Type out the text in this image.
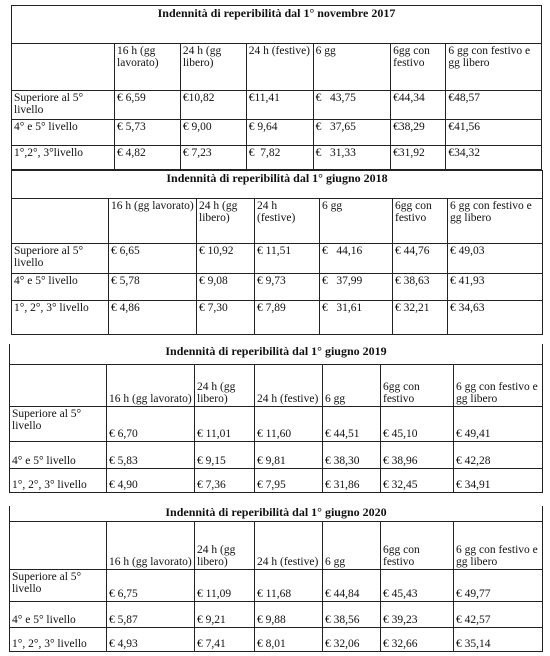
Indennità di reperibilità dal 1° novembre 2017						
	16 h (gg lavorato)	24 h (gg libero)	24 h (festive)	6 gg	6gg con festivo	6 gg con festivo e gg libero
Superiore al 5° livello	€ 6,59	€10,82	€11,41	€   43,75	€44,34	€48,57
4° e 5° livello	€ 5,73	€ 9,00	€ 9,64	€   37,65	€38,29	€41,56
1°,2°, 3°livello	€ 4,82	€ 7,23	€  7,82	€   31,33	€31,92	€34,32
Indennità di reperibilità dal 1° giugno 2018						
	16 h (gg lavorato)	24 h (gg libero)	24 h (festive)	6 gg	6gg con festivo	6 gg con festivo e gg libero
Superiore al 5° livello	€ 6,65	€ 10,92	€ 11,51	€   44,16	€ 44,76	€ 49,03
4° e 5° livello	€ 5,78	€ 9,08	€ 9,73	€   37,99	€ 38,63	€ 41,93
1°, 2°, 3° livello	€ 4,86	€ 7,30	€ 7,89	€   31,61	€ 32,21	€ 34,63
Indennità di reperibilità dal 1° giugno 2019						
	16 h (gg lavorato)	24 h (gg libero)	24 h (festive)	6 gg	6gg con festivo	6 gg con festivo e gg libero
Superiore al 5° livello	€ 6,70	€ 11,01	€ 11,60	€ 44,51	€ 45,10	€ 49,41
4° e 5° livello	€ 5,83	€ 9,15	€ 9,81	€ 38,30	€ 38,96	€ 42,28
1°, 2°, 3° livello	€ 4,90	€ 7,36	€ 7,95	€ 31,86	€ 32,45	€ 34,91
Indennità di reperibilità dal 1° giugno 2020						
	16 h (gg lavorato)	24 h (gg libero)	24 h (festive)	6 gg	6gg con festivo	6 gg con festivo e gg libero
Superiore al 5° livello	€ 6,75	€ 11,09	€ 11,68	€ 44,84	€ 45,43	€ 49,77
4° e 5° livello	€ 5,87	€ 9,21	€ 9,88	€ 38,56	€ 39,23	€ 42,57
1°, 2°, 3° livello	€ 4,93	€ 7,41	€ 8,01	€ 32,06	€ 32,66	€ 35,14
